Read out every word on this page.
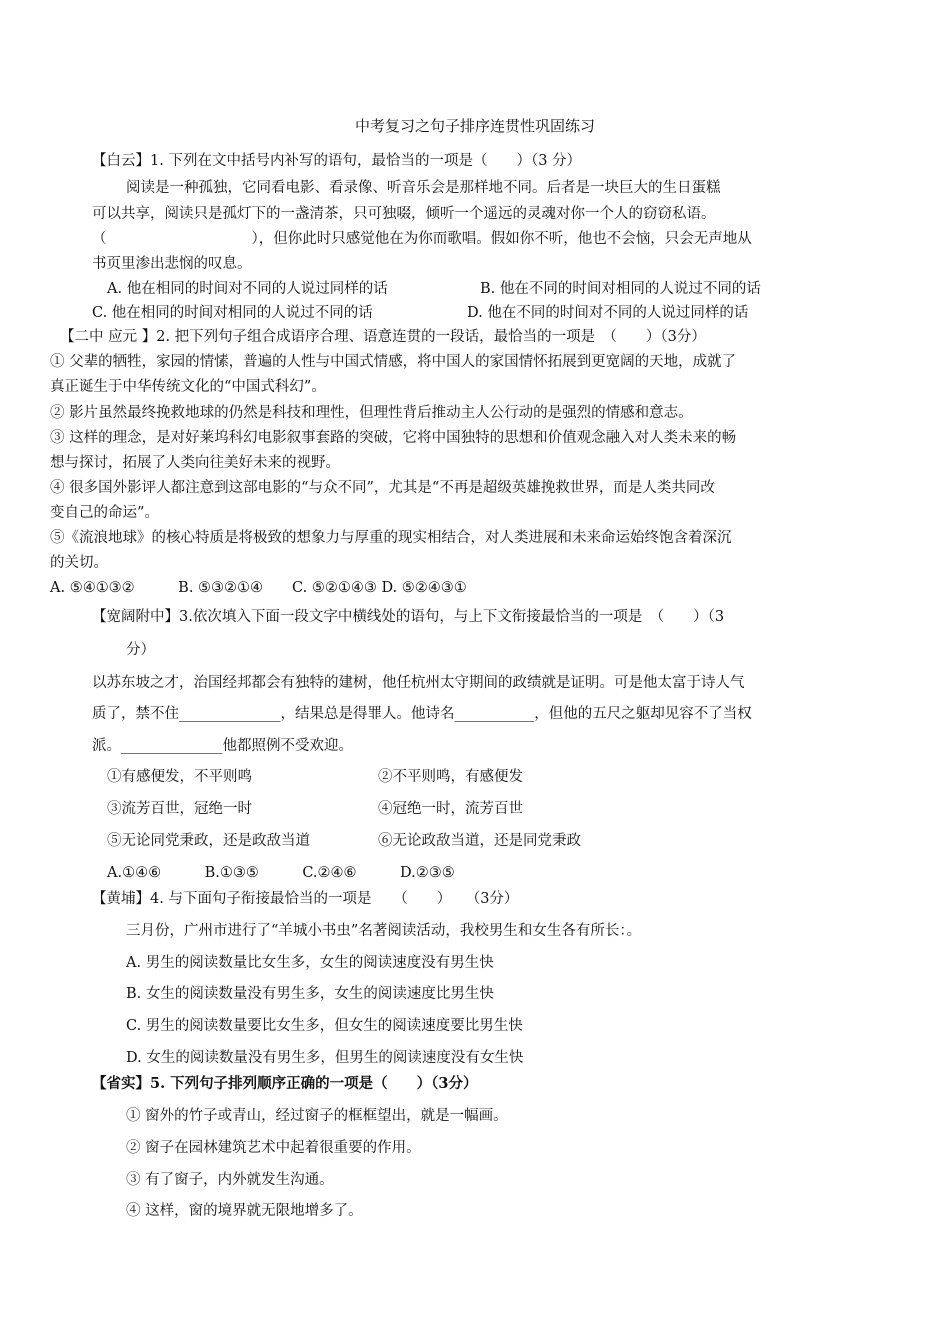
中考复习之句子排序连贯性巩固练习
【白云】1. 下列在文中括号内补写的语句，最恰当的一项是（　　）（3 分）
阅读是一种孤独，它同看电影、看录像、听音乐会是那样地不同。后者是一块巨大的生日蛋糕
可以共享，阅读只是孤灯下的一盏清茶，只可独啜，倾听一个遥远的灵魂对你一个人的窃窃私语。
（　　　　　　　　　　），但你此时只感觉他在为你而歌唱。假如你不听，他也不会恼，只会无声地从
书页里渗出悲悯的叹息。
A. 他在相同的时间对不同的人说过同样的话	B. 他在不同的时间对相同的人说过不同的话
C. 他在相同的时间对相同的人说过不同的话	D. 他在不同的时间对不同的人说过同样的话
【二中 应元 】2. 把下列句子组合成语序合理、语意连贯的一段话，最恰当的一项是　（　　）（3分）
① 父辈的牺牲，家园的情愫，普遍的人性与中国式情感，将中国人的家国情怀拓展到更宽阔的天地，成就了
真正诞生于中华传统文化的“中国式科幻”。
② 影片虽然最终挽救地球的仍然是科技和理性，但理性背后推动主人公行动的是强烈的情感和意志。
③ 这样的理念，是对好莱坞科幻电影叙事套路的突破，它将中国独特的思想和价值观念融入对人类未来的畅
想与探讨，拓展了人类向往美好未来的视野。
④ 很多国外影评人都注意到这部电影的“与众不同”，尤其是“不再是超级英雄挽救世界，而是人类共同改
变自己的命运”。
⑤《流浪地球》的核心特质是将极致的想象力与厚重的现实相结合，对人类进展和未来命运始终饱含着深沉
的关切。
A. ⑤④①③②　　　B. ⑤③②①④　　C. ⑤②①④③ D. ⑤②④③①
【宽阔附中】3.依次填入下面一段文字中横线处的语句，与上下文衔接最恰当的一项是　（　　）（3
分）
以苏东坡之才，治国经邦都会有独特的建树，他任杭州太守期间的政绩就是证明。可是他太富于诗人气
质了，禁不住______________，结果总是得罪人。他诗名___________，但他的五尺之躯却见容不了当权
派。______________他都照例不受欢迎。
①有感便发，不平则鸣	②不平则鸣，有感便发
③流芳百世，冠绝一时	④冠绝一时，流芳百世
⑤无论同党秉政，还是政敌当道	⑥无论政敌当道，还是同党秉政
A.①④⑥　　　B.①③⑤　　　C.②④⑥　　　D.②③⑤
【黄埔】4. 与下面句子衔接最恰当的一项是　　（　　）　　（3分）
三月份，广州市进行了“羊城小书虫”名著阅读活动，我校男生和女生各有所长：。
A. 男生的阅读数量比女生多，女生的阅读速度没有男生快
B. 女生的阅读数量没有男生多，女生的阅读速度比男生快
C. 男生的阅读数量要比女生多，但女生的阅读速度要比男生快
D. 女生的阅读数量没有男生多，但男生的阅读速度没有女生快
【省实】5. 下列句子排列顺序正确的一项是（　　）（3分）
① 窗外的竹子或青山，经过窗子的框框望出，就是一幅画。
② 窗子在园林建筑艺术中起着很重要的作用。
③ 有了窗子，内外就发生沟通。
④ 这样，窗的境界就无限地增多了。
